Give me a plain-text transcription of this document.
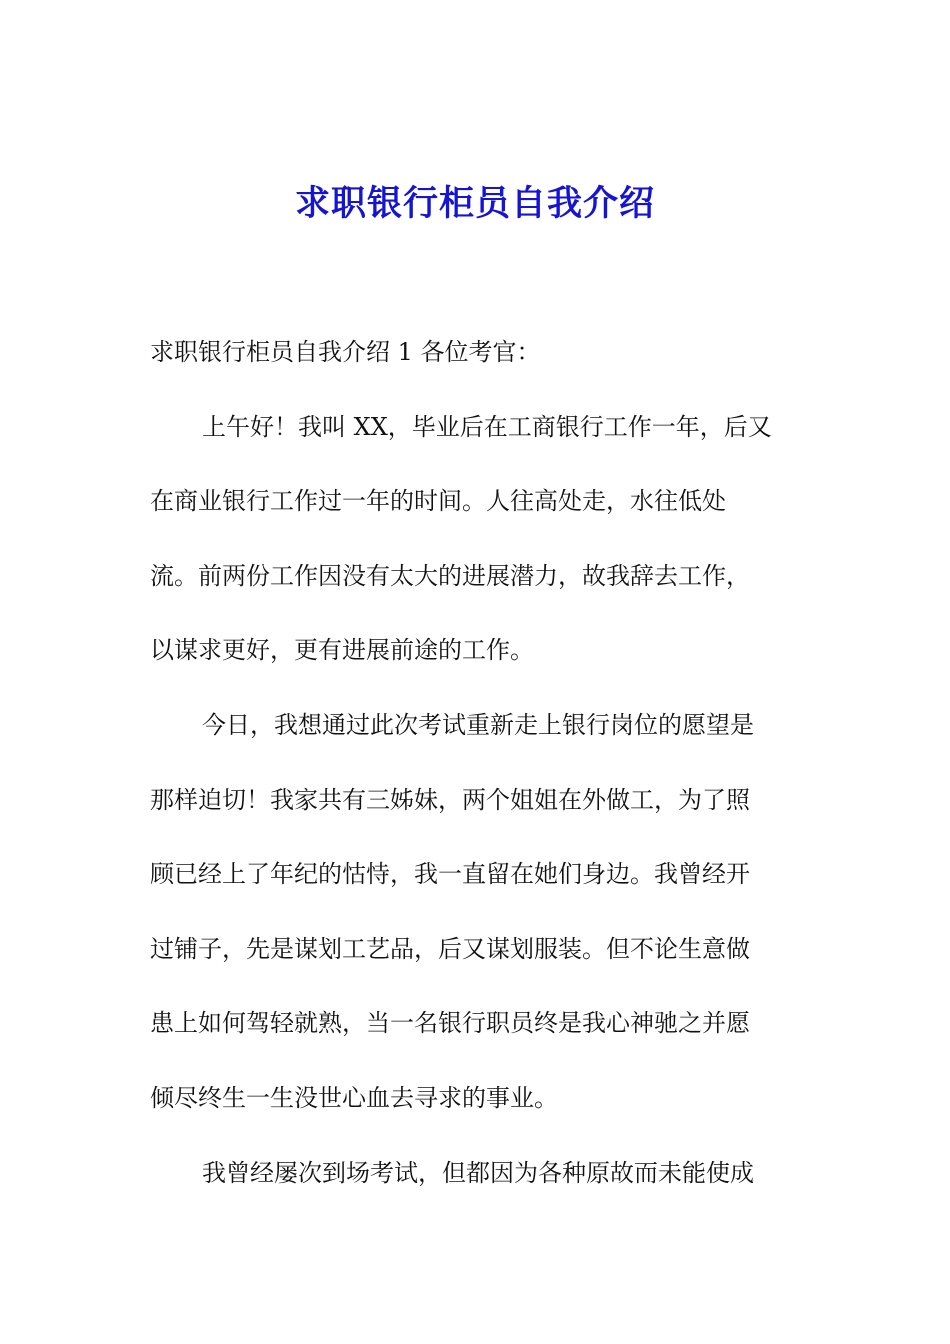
求职银行柜员自我介绍
求职银行柜员自我介绍 1 各位考官：
上午好！我叫 XX，毕业后在工商银行工作一年，后又
在商业银行工作过一年的时间。人往高处走，水往低处
流。前两份工作因没有太大的进展潜力，故我辞去工作，
以谋求更好，更有进展前途的工作。
今日，我想通过此次考试重新走上银行岗位的愿望是
那样迫切！我家共有三姊妹，两个姐姐在外做工，为了照
顾已经上了年纪的怙恃，我一直留在她们身边。我曾经开
过铺子，先是谋划工艺品，后又谋划服装。但不论生意做
患上如何驾轻就熟，当一名银行职员终是我心神驰之并愿
倾尽终生一生没世心血去寻求的事业。
我曾经屡次到场考试，但都因为各种原故而未能使成
